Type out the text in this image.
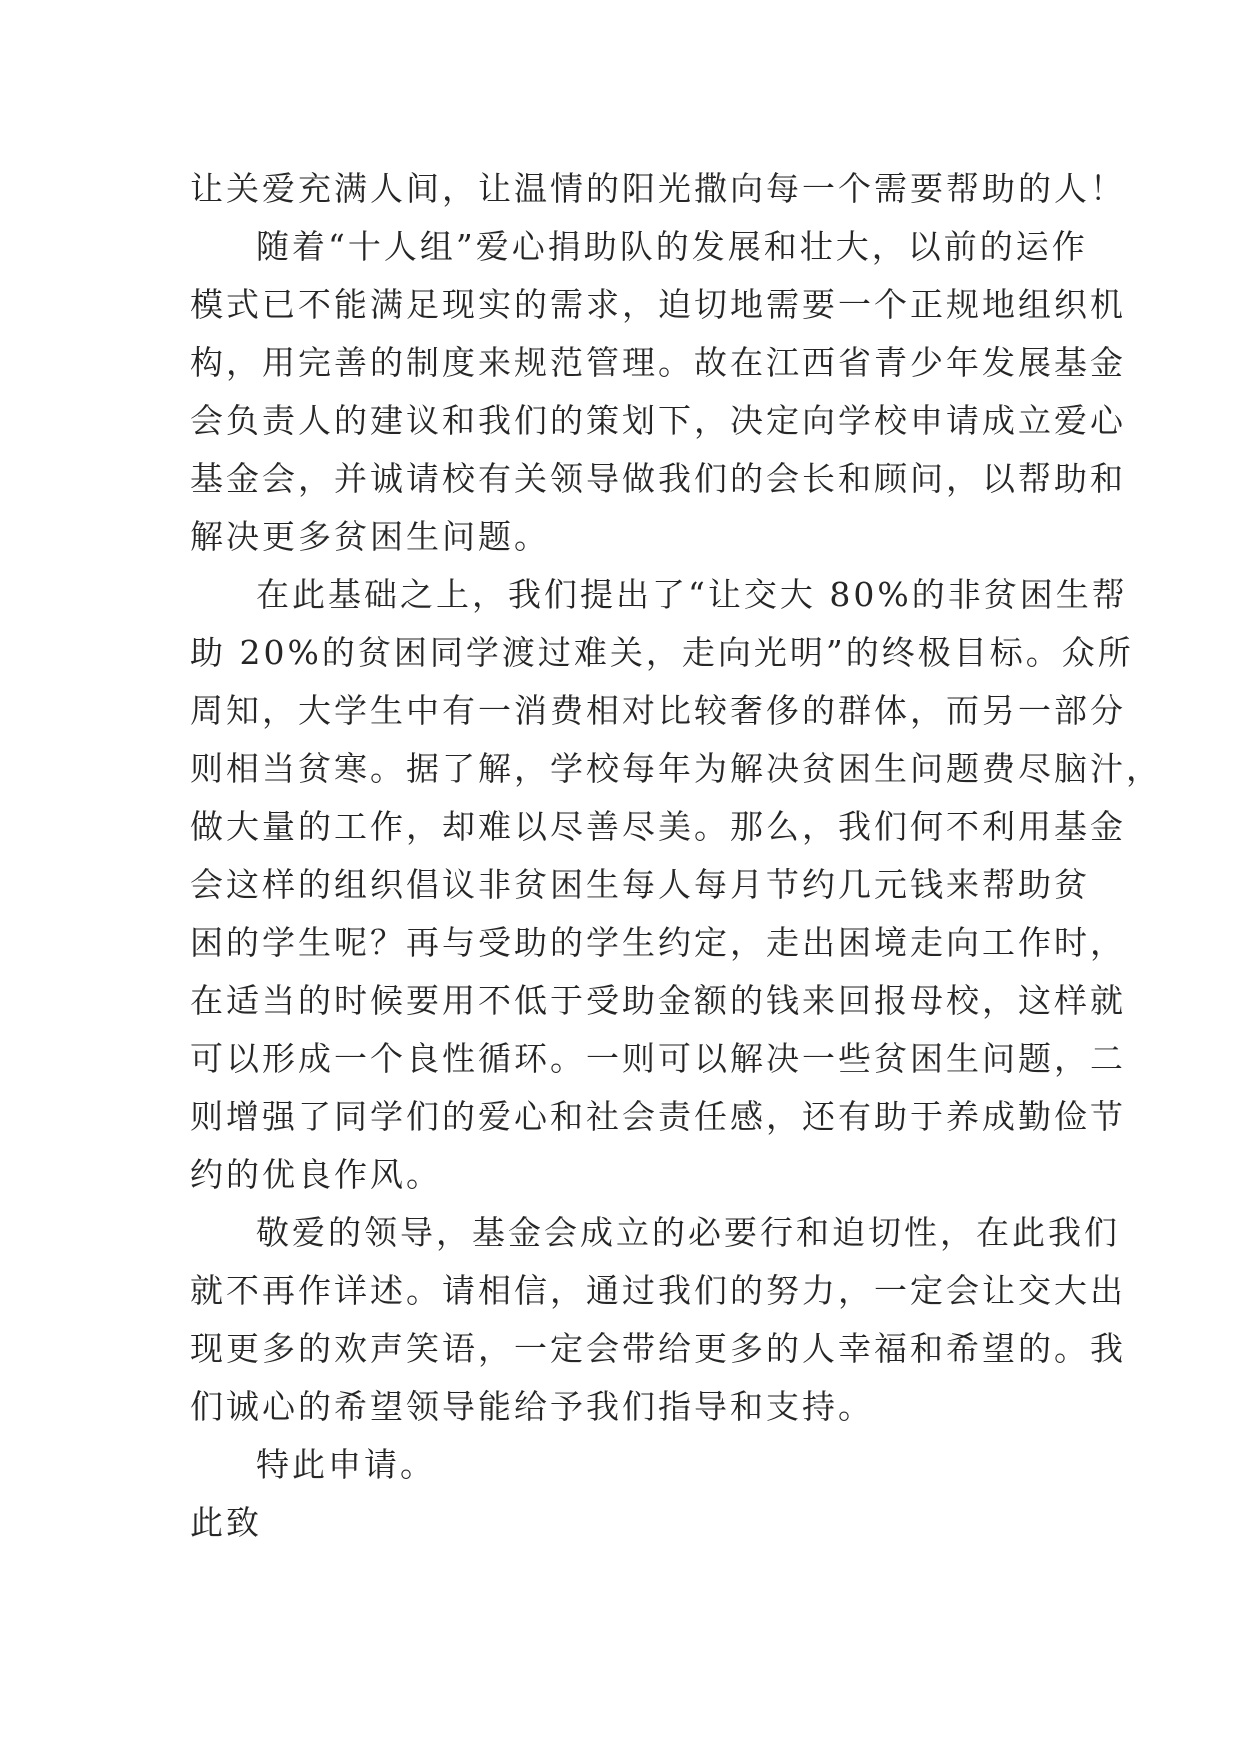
让关爱充满人间，让温情的阳光撒向每一个需要帮助的人！
随着“十人组”爱心捐助队的发展和壮大，以前的运作
模式已不能满足现实的需求，迫切地需要一个正规地组织机
构，用完善的制度来规范管理。故在江西省青少年发展基金
会负责人的建议和我们的策划下，决定向学校申请成立爱心
基金会，并诚请校有关领导做我们的会长和顾问，以帮助和
解决更多贫困生问题。
在此基础之上，我们提出了“让交大 80%的非贫困生帮
助 20%的贫困同学渡过难关，走向光明”的终极目标。众所
周知，大学生中有一消费相对比较奢侈的群体，而另一部分
则相当贫寒。据了解，学校每年为解决贫困生问题费尽脑汁，
做大量的工作，却难以尽善尽美。那么，我们何不利用基金
会这样的组织倡议非贫困生每人每月节约几元钱来帮助贫
困的学生呢？再与受助的学生约定，走出困境走向工作时，
在适当的时候要用不低于受助金额的钱来回报母校，这样就
可以形成一个良性循环。一则可以解决一些贫困生问题，二
则增强了同学们的爱心和社会责任感，还有助于养成勤俭节
约的优良作风。
敬爱的领导，基金会成立的必要行和迫切性，在此我们
就不再作详述。请相信，通过我们的努力，一定会让交大出
现更多的欢声笑语，一定会带给更多的人幸福和希望的。我
们诚心的希望领导能给予我们指导和支持。
特此申请。
此致
